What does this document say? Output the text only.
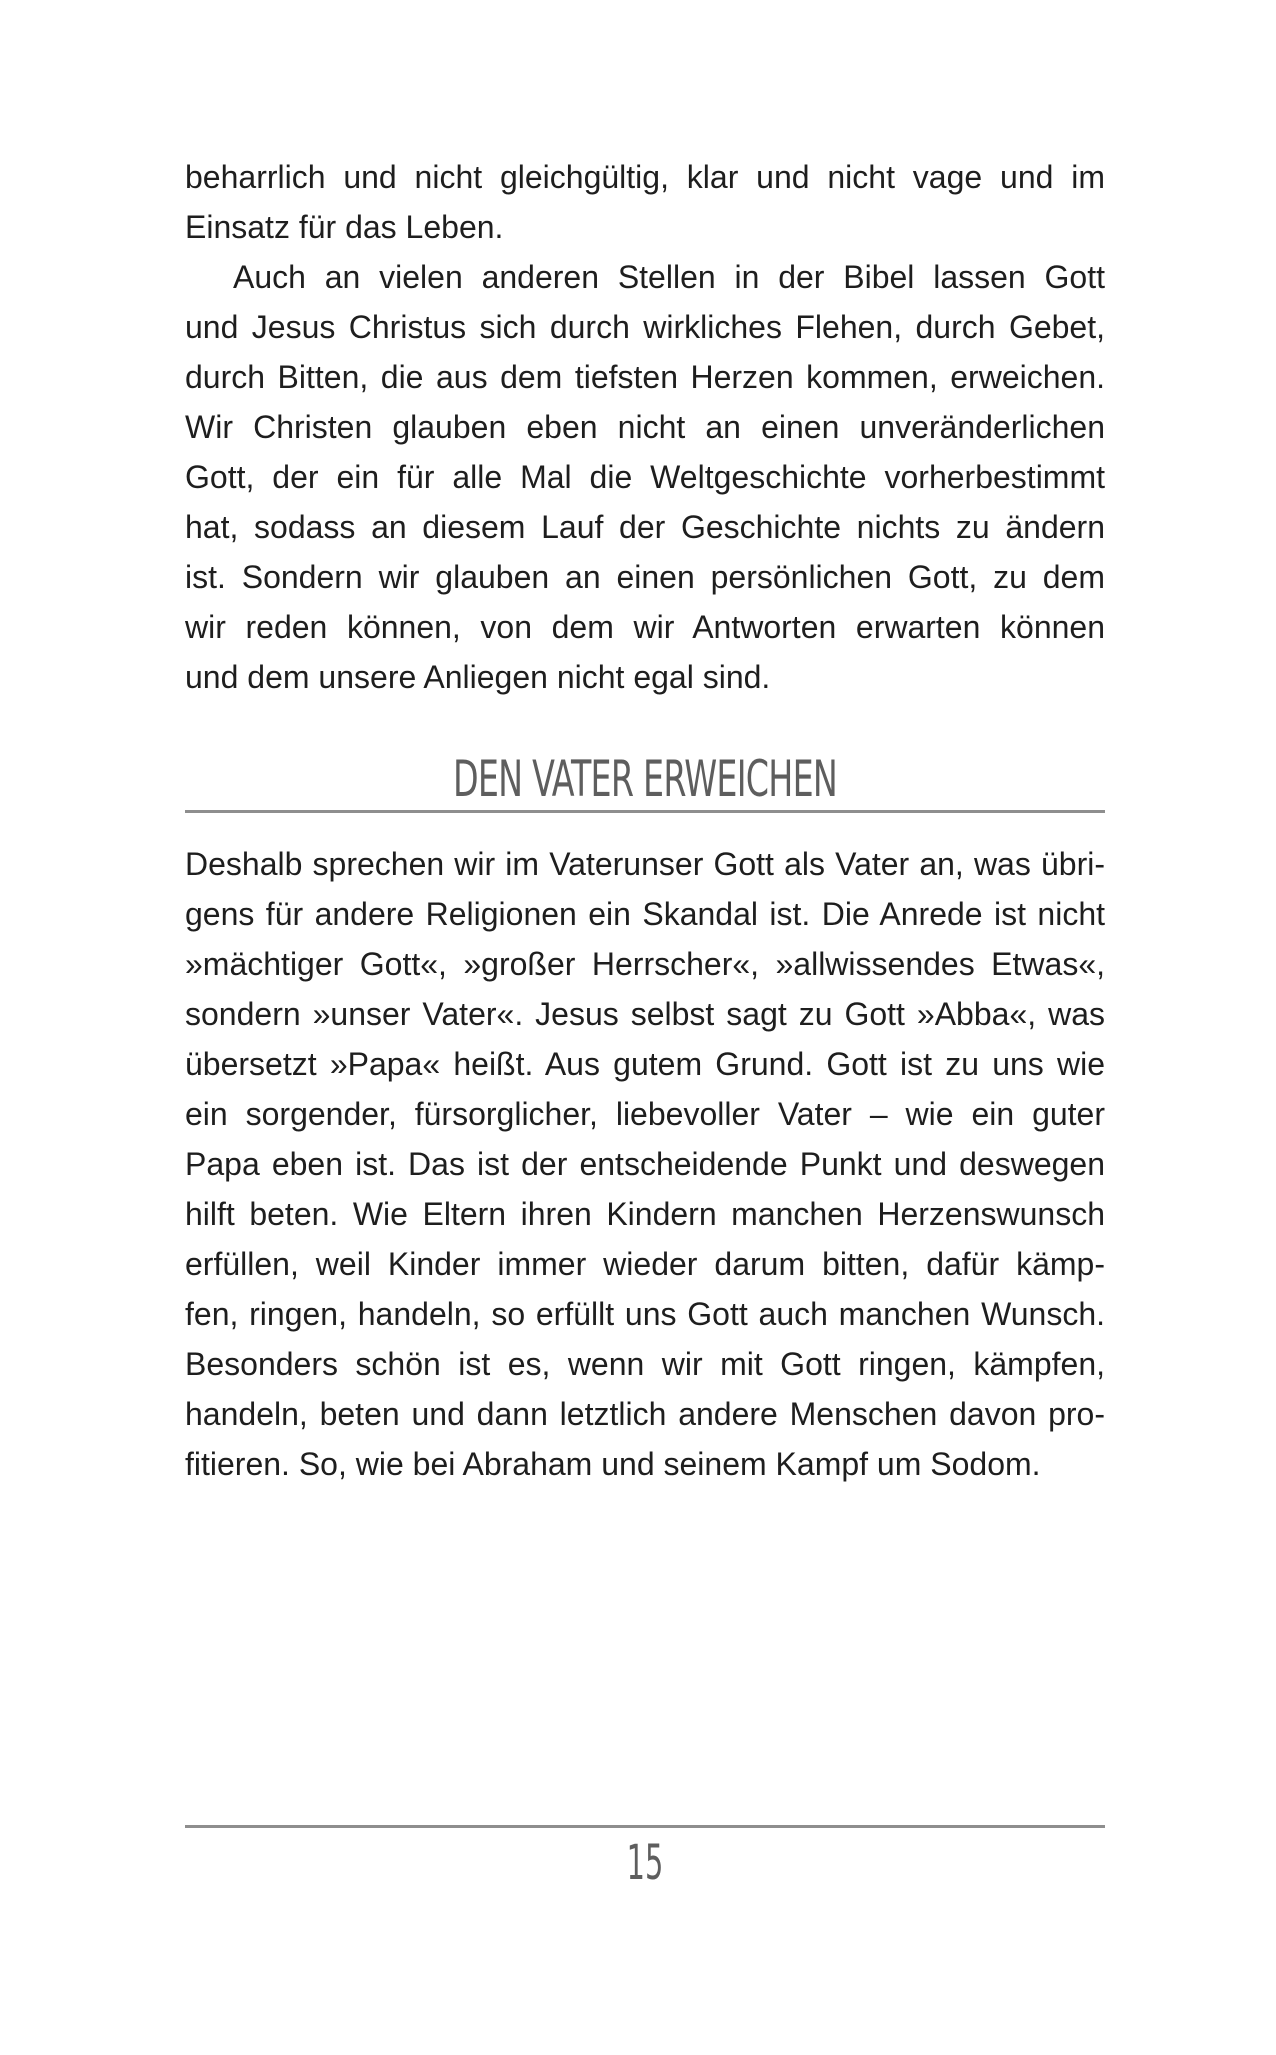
beharrlich und nicht gleichgültig, klar und nicht vage und im
Einsatz für das Leben.
Auch an vielen anderen Stellen in der Bibel lassen Gott
und Jesus Christus sich durch wirkliches Flehen, durch Gebet,
durch Bitten, die aus dem tiefsten Herzen kommen, erweichen.
Wir Christen glauben eben nicht an einen unveränderlichen
Gott, der ein für alle Mal die Weltgeschichte vorherbestimmt
hat, sodass an diesem Lauf der Geschichte nichts zu ändern
ist. Sondern wir glauben an einen persönlichen Gott, zu dem
wir reden können, von dem wir Antworten erwarten können
und dem unsere Anliegen nicht egal sind.
DEN VATER ERWEICHEN
Deshalb sprechen wir im Vaterunser Gott als Vater an, was übri-
gens für andere Religionen ein Skandal ist. Die Anrede ist nicht
»mächtiger Gott«, »großer Herrscher«, »allwissendes Etwas«,
sondern »unser Vater«. Jesus selbst sagt zu Gott »Abba«, was
übersetzt »Papa« heißt. Aus gutem Grund. Gott ist zu uns wie
ein sorgender, fürsorglicher, liebevoller Vater – wie ein guter
Papa eben ist. Das ist der entscheidende Punkt und deswegen
hilft beten. Wie Eltern ihren Kindern manchen Herzenswunsch
erfüllen, weil Kinder immer wieder darum bitten, dafür kämp-
fen, ringen, handeln, so erfüllt uns Gott auch manchen Wunsch.
Besonders schön ist es, wenn wir mit Gott ringen, kämpfen,
handeln, beten und dann letztlich andere Menschen davon pro-
fitieren. So, wie bei Abraham und seinem Kampf um Sodom.
15
